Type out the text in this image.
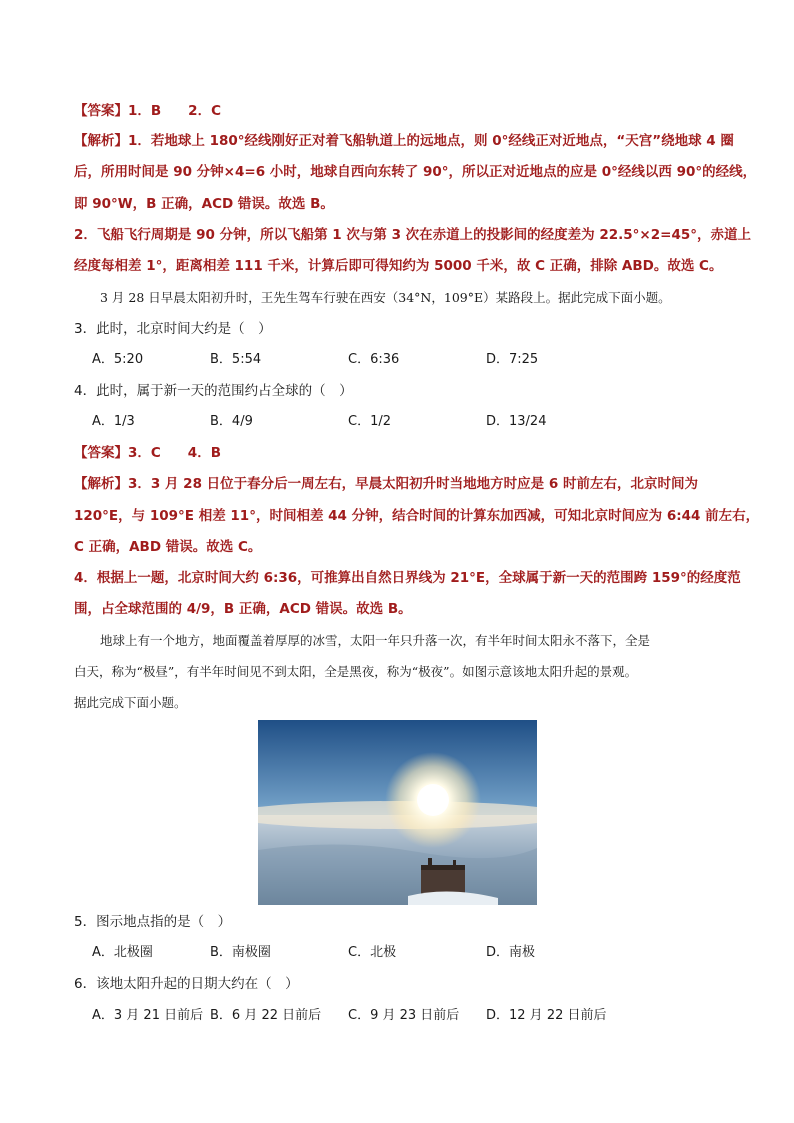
【答案】1．B　　2．C
【解析】1．若地球上 180°经线刚好正对着飞船轨道上的远地点，则 0°经线正对近地点，“天宫”绕地球 4 圈
后，所用时间是 90 分钟×4=6 小时，地球自西向东转了 90°，所以正对近地点的应是 0°经线以西 90°的经线，
即 90°W，B 正确，ACD 错误。故选 B。
2．飞船飞行周期是 90 分钟，所以飞船第 1 次与第 3 次在赤道上的投影间的经度差为 22.5°×2=45°，赤道上
经度每相差 1°，距离相差 111 千米，计算后即可得知约为 5000 千米，故 C 正确，排除 ABD。故选 C。
3 月 28 日早晨太阳初升时，王先生驾车行驶在西安（34°N，109°E）某路段上。据此完成下面小题。
3．此时，北京时间大约是（　）
A．5:20	B．5:54	C．6:36	D．7:25
4．此时，属于新一天的范围约占全球的（　）
A．1/3	B．4/9	C．1/2	D．13/24
【答案】3．C　　4．B
【解析】3．3 月 28 日位于春分后一周左右，早晨太阳初升时当地地方时应是 6 时前左右，北京时间为
120°E，与 109°E 相差 11°，时间相差 44 分钟，结合时间的计算东加西减，可知北京时间应为 6:44 前左右，
C 正确，ABD 错误。故选 C。
4．根据上一题，北京时间大约 6:36，可推算出自然日界线为 21°E，全球属于新一天的范围跨 159°的经度范
围，占全球范围的 4/9，B 正确，ACD 错误。故选 B。
地球上有一个地方，地面覆盖着厚厚的冰雪，太阳一年只升落一次，有半年时间太阳永不落下，全是
白天，称为“极昼”，有半年时间见不到太阳，全是黑夜，称为“极夜”。如图示意该地太阳升起的景观。
据此完成下面小题。
5．图示地点指的是（　）
A．北极圈	B．南极圈	C．北极	D．南极
6．该地太阳升起的日期大约在（　）
A．3 月 21 日前后 B．6 月 22 日前后 C．9 月 23 日前后 D．12 月 22 日前后
